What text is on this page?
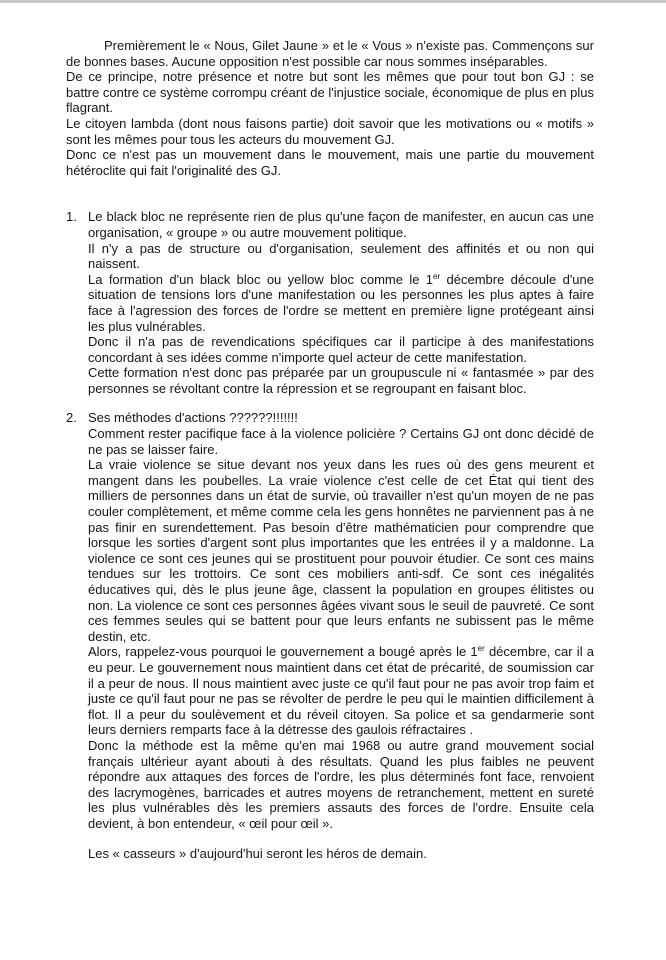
Premièrement le « Nous, Gilet Jaune » et le « Vous » n'existe pas. Commençons sur de bonnes bases. Aucune opposition n'est possible car nous sommes inséparables.

De ce principe, notre présence et notre but sont les mêmes que pour tout bon GJ : se battre contre ce système corrompu créant de l'injustice sociale, économique de plus en plus flagrant.

Le citoyen lambda (dont nous faisons partie) doit savoir que les motivations ou « motifs » sont les mêmes pour tous les acteurs du mouvement GJ.

Donc ce n'est pas un mouvement dans le mouvement, mais une partie du mouvement hétéroclite qui fait l'originalité des GJ.

1. Le black bloc ne représente rien de plus qu'une façon de manifester, en aucun cas une organisation, « groupe » ou autre mouvement politique.

Il n'y a pas de structure ou d'organisation, seulement des affinités et ou non qui naissent.

La formation d'un black bloc ou yellow bloc comme le 1er décembre découle d'une situation de tensions lors d'une manifestation ou les personnes les plus aptes à faire face à l'agression des forces de l'ordre se mettent en première ligne protégeant ainsi les plus vulnérables.

Donc il n'a pas de revendications spécifiques car il participe à des manifestations concordant à ses idées comme n'importe quel acteur de cette manifestation.

Cette formation n'est donc pas préparée par un groupuscule ni « fantasmée » par des personnes se révoltant contre la répression et se regroupant en faisant bloc.

2. Ses méthodes d'actions ??????!!!!!!!

Comment rester pacifique face à la violence policière ? Certains GJ ont donc décidé de ne pas se laisser faire.

La vraie violence se situe devant nos yeux dans les rues où des gens meurent et mangent dans les poubelles. La vraie violence c'est celle de cet État qui tient des milliers de personnes dans un état de survie, où travailler n'est qu'un moyen de ne pas couler complètement, et même comme cela les gens honnêtes ne parviennent pas à ne pas finir en surendettement. Pas besoin d'être mathématicien pour comprendre que lorsque les sorties d'argent sont plus importantes que les entrées il y a maldonne. La violence ce sont ces jeunes qui se prostituent pour pouvoir étudier. Ce sont ces mains tendues sur les trottoirs. Ce sont ces mobiliers anti-sdf. Ce sont ces inégalités éducatives qui, dès le plus jeune âge, classent la population en groupes élitistes ou non. La violence ce sont ces personnes âgées vivant sous le seuil de pauvreté. Ce sont ces femmes seules qui se battent pour que leurs enfants ne subissent pas le même destin, etc.

Alors, rappelez-vous pourquoi le gouvernement a bougé après le 1er décembre, car il a eu peur. Le gouvernement nous maintient dans cet état de précarité, de soumission car il a peur de nous. Il nous maintient avec juste ce qu'il faut pour ne pas avoir trop faim et juste ce qu'il faut pour ne pas se révolter de perdre le peu qui le maintien difficilement à flot. Il a peur du soulèvement et du réveil citoyen. Sa police et sa gendarmerie sont leurs derniers remparts face à la détresse des gaulois réfractaires .

Donc la méthode est la même qu'en mai 1968 ou autre grand mouvement social français ultérieur ayant abouti à des résultats. Quand les plus faibles ne peuvent répondre aux attaques des forces de l'ordre, les plus déterminés font face, renvoient des lacrymogènes, barricades et autres moyens de retranchement, mettent en sureté les plus vulnérables dès les premiers assauts des forces de l'ordre. Ensuite cela devient, à bon entendeur, « œil pour œil ».

Les « casseurs » d'aujourd'hui seront les héros de demain.
